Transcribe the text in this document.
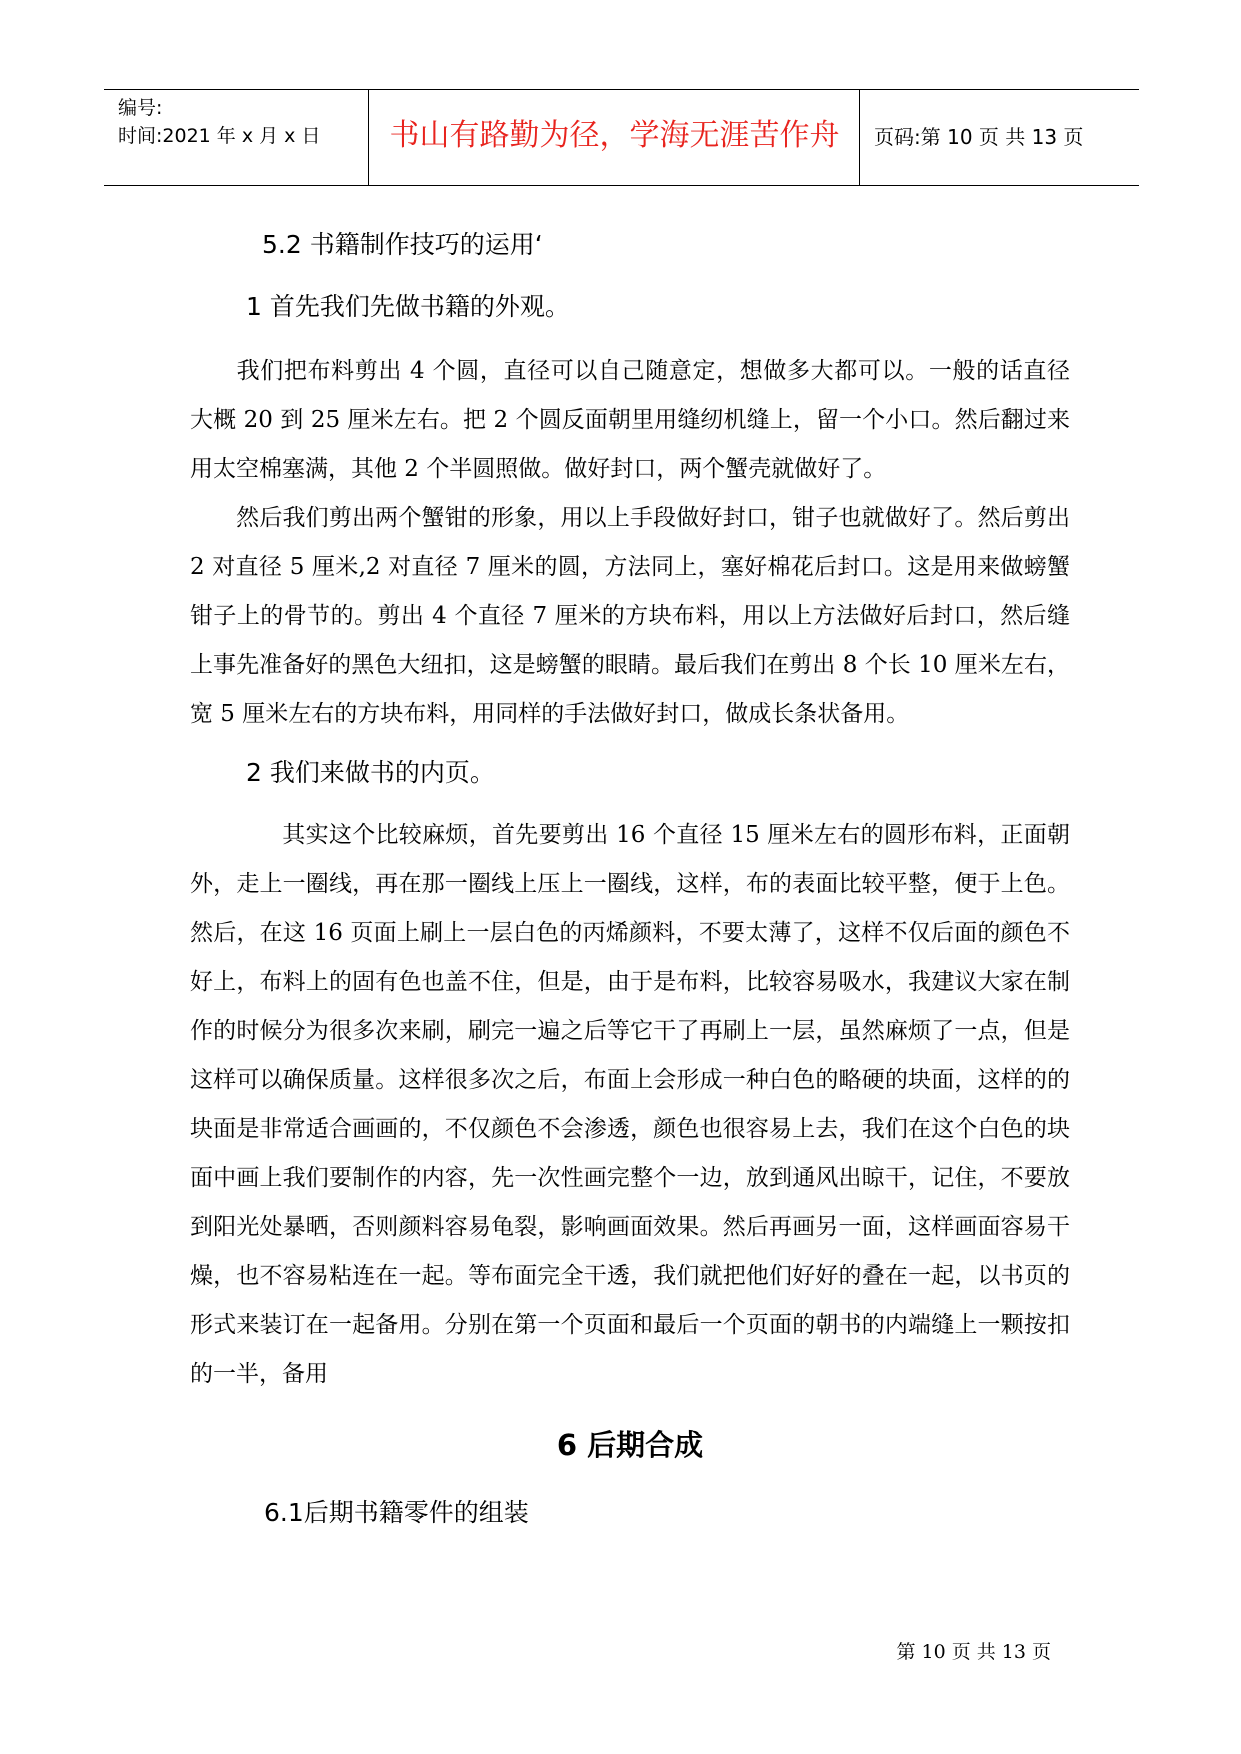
编号:
时间:2021 年 x 月 x 日	书山有路勤为径，学海无涯苦作舟	页码:第 10 页 共 13 页

5.2 书籍制作技巧的运用‘

1 首先我们先做书籍的外观。

我们把布料剪出 4 个圆，直径可以自己随意定，想做多大都可以。一般的话直径大概 20 到 25 厘米左右。把 2 个圆反面朝里用缝纫机缝上，留一个小口。然后翻过来用太空棉塞满，其他 2 个半圆照做。做好封口，两个蟹壳就做好了。

然后我们剪出两个蟹钳的形象，用以上手段做好封口，钳子也就做好了。然后剪出 2 对直径 5 厘米,2 对直径 7 厘米的圆，方法同上，塞好棉花后封口。这是用来做螃蟹钳子上的骨节的。剪出 4 个直径 7 厘米的方块布料，用以上方法做好后封口，然后缝上事先准备好的黑色大纽扣，这是螃蟹的眼睛。最后我们在剪出 8 个长 10 厘米左右，宽 5 厘米左右的方块布料，用同样的手法做好封口，做成长条状备用。

2 我们来做书的内页。

其实这个比较麻烦，首先要剪出 16 个直径 15 厘米左右的圆形布料，正面朝外，走上一圈线，再在那一圈线上压上一圈线，这样，布的表面比较平整，便于上色。然后，在这 16 页面上刷上一层白色的丙烯颜料，不要太薄了，这样不仅后面的颜色不好上，布料上的固有色也盖不住，但是，由于是布料，比较容易吸水，我建议大家在制作的时候分为很多次来刷，刷完一遍之后等它干了再刷上一层，虽然麻烦了一点，但是这样可以确保质量。这样很多次之后，布面上会形成一种白色的略硬的块面，这样的的块面是非常适合画画的，不仅颜色不会渗透，颜色也很容易上去，我们在这个白色的块面中画上我们要制作的内容，先一次性画完整个一边，放到通风出晾干，记住，不要放到阳光处暴晒，否则颜料容易龟裂，影响画面效果。然后再画另一面，这样画面容易干燥，也不容易粘连在一起。等布面完全干透，我们就把他们好好的叠在一起，以书页的形式来装订在一起备用。分别在第一个页面和最后一个页面的朝书的内端缝上一颗按扣的一半，备用

6 后期合成

6.1后期书籍零件的组装

第 10 页 共 13 页
